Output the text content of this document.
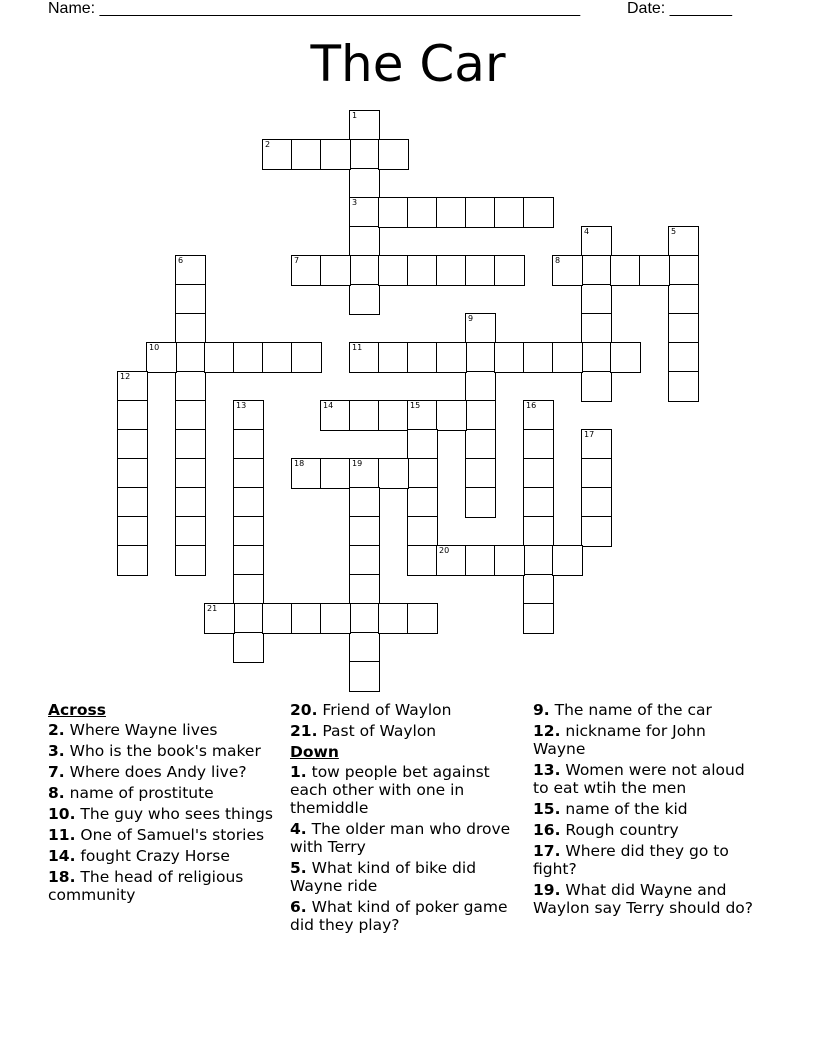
Name: ______________________________________________________	Date: _______
The Car
1
3
2
4	5
6	7	8
9
10	11
12
13	14	15	16
17
18	19
20
21
Across
2. Where Wayne lives
3. Who is the book's maker
7. Where does Andy live?
8. name of prostitute
10. The guy who sees things
11. One of Samuel's stories
14. fought Crazy Horse
18. The head of religious community
20. Friend of Waylon
21. Past of Waylon
Down
1. tow people bet against each other with one in themiddle
4. The older man who drove with Terry
5. What kind of bike did Wayne ride
6. What kind of poker game did they play?
9. The name of the car
12. nickname for John Wayne
13. Women were not aloud to eat wtih the men
15. name of the kid
16. Rough country
17. Where did they go to fight?
19. What did Wayne and Waylon say Terry should do?
